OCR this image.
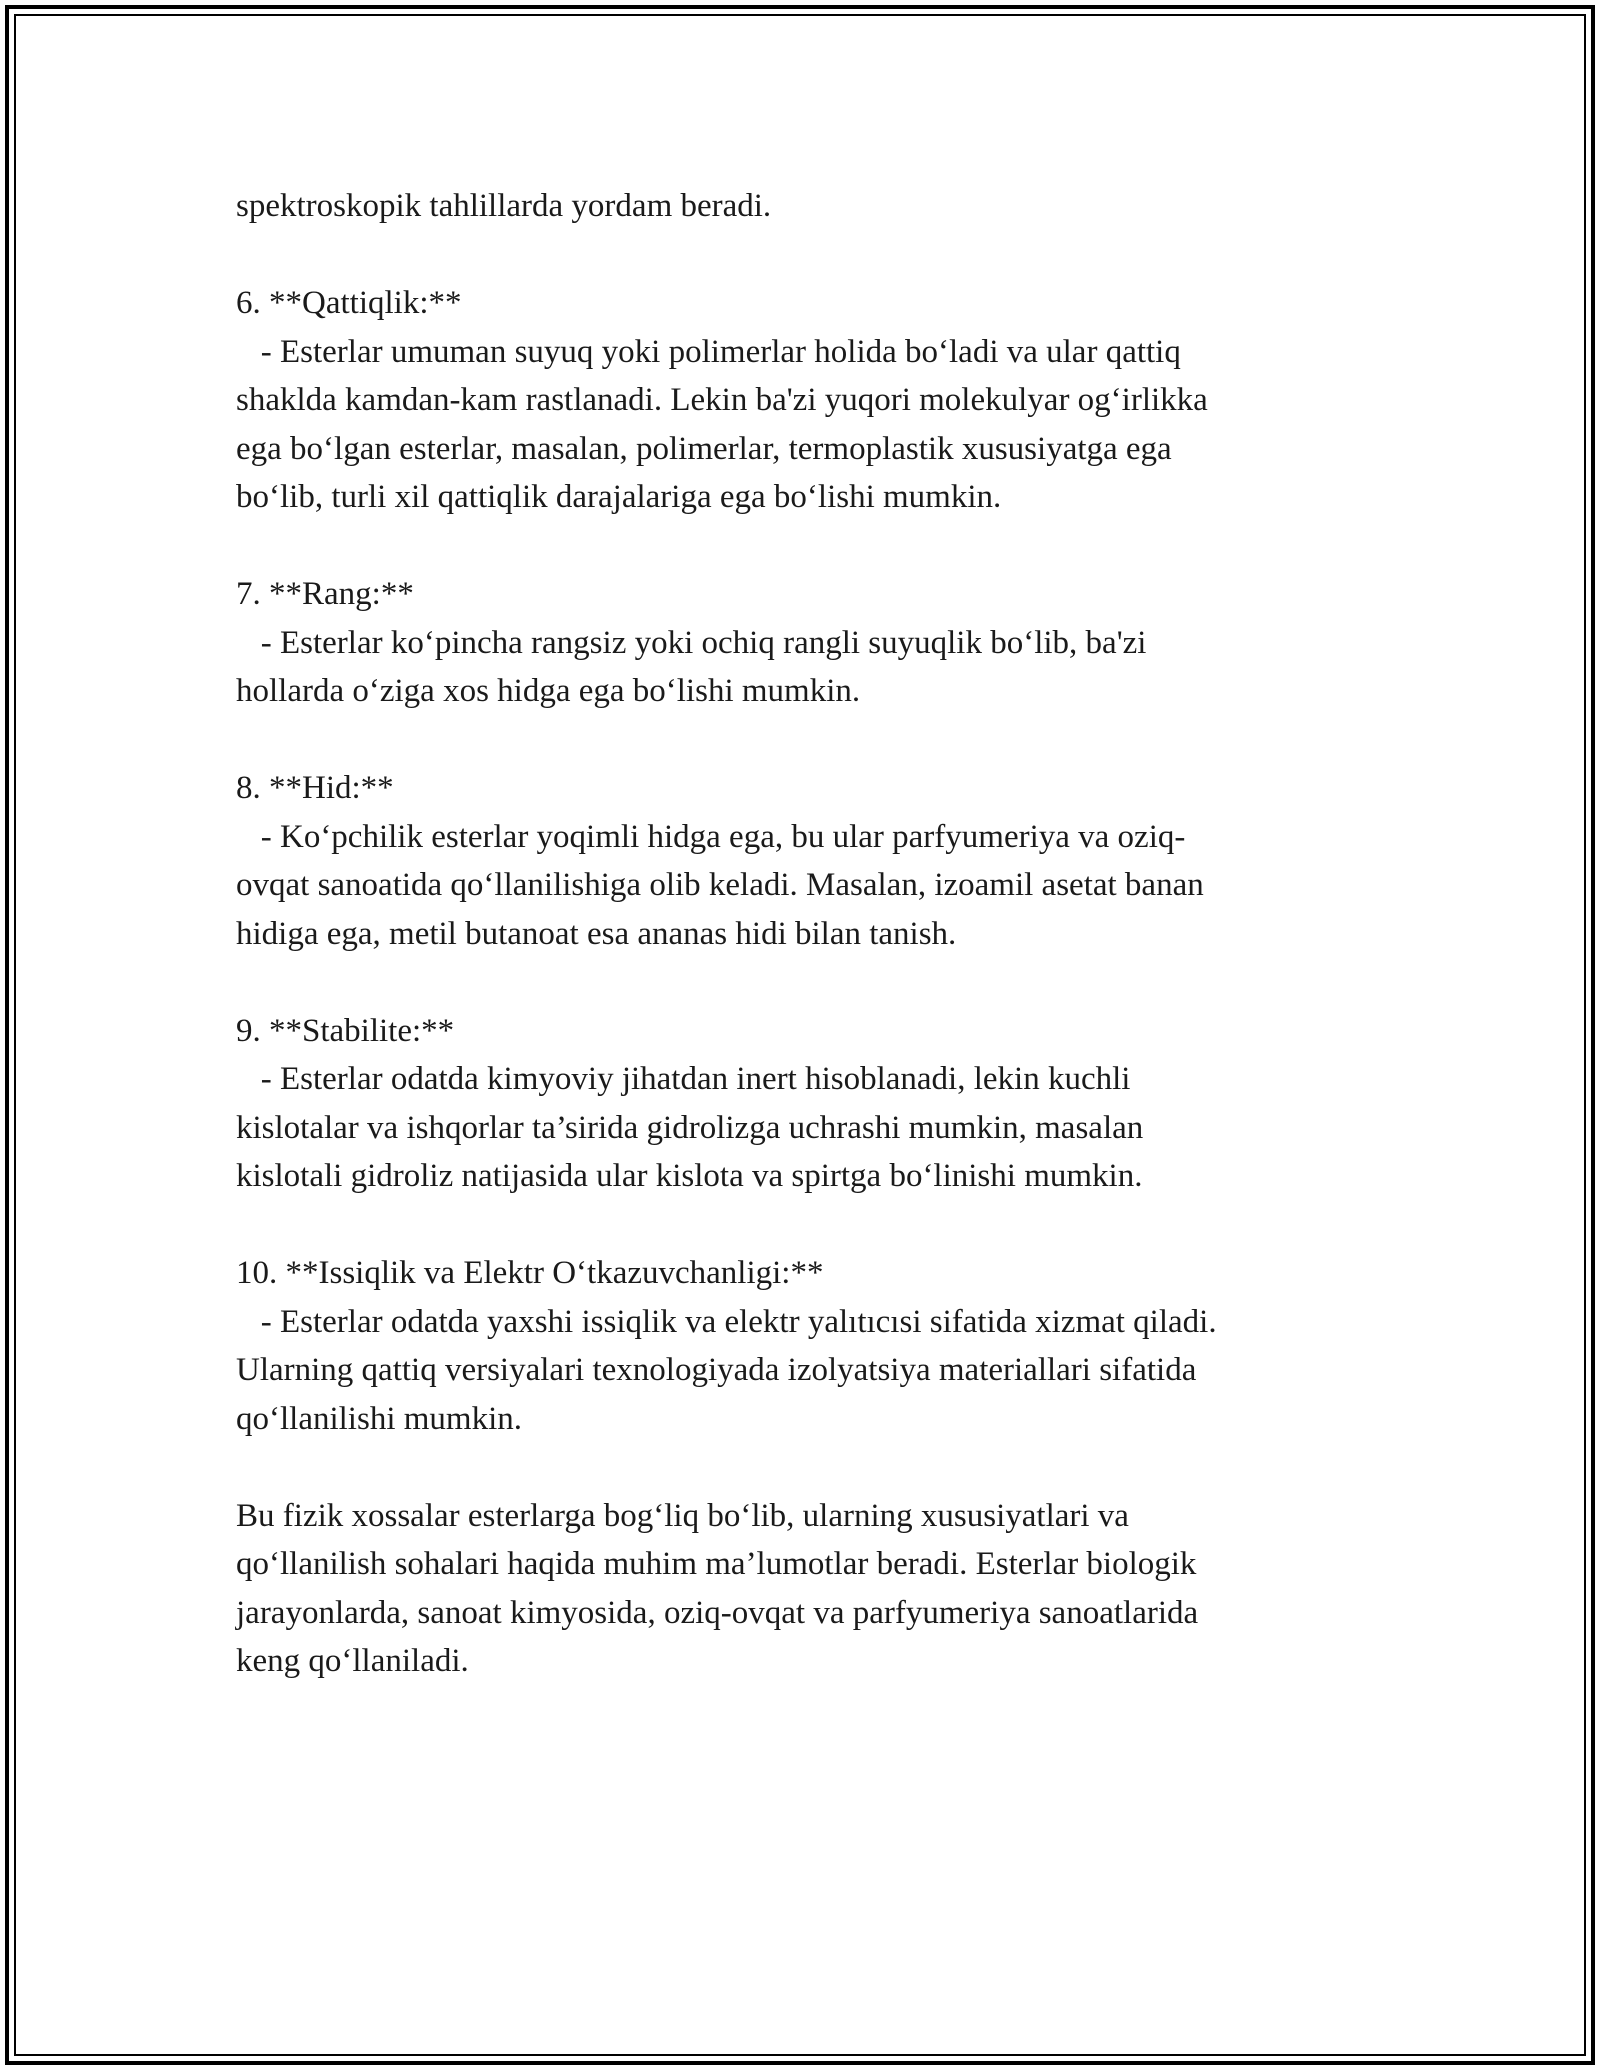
spektroskopik tahlillarda yordam beradi.
6. **Qattiqlik:**
- Esterlar umuman suyuq yoki polimerlar holida bo‘ladi va ular qattiq
shaklda kamdan-kam rastlanadi. Lekin ba'zi yuqori molekulyar og‘irlikka
ega bo‘lgan esterlar, masalan, polimerlar, termoplastik xususiyatga ega
bo‘lib, turli xil qattiqlik darajalariga ega bo‘lishi mumkin.
7. **Rang:**
- Esterlar ko‘pincha rangsiz yoki ochiq rangli suyuqlik bo‘lib, ba'zi
hollarda o‘ziga xos hidga ega bo‘lishi mumkin.
8. **Hid:**
- Ko‘pchilik esterlar yoqimli hidga ega, bu ular parfyumeriya va oziq-
ovqat sanoatida qo‘llanilishiga olib keladi. Masalan, izoamil asetat banan
hidiga ega, metil butanoat esa ananas hidi bilan tanish.
9. **Stabilite:**
- Esterlar odatda kimyoviy jihatdan inert hisoblanadi, lekin kuchli
kislotalar va ishqorlar ta’sirida gidrolizga uchrashi mumkin, masalan
kislotali gidroliz natijasida ular kislota va spirtga bo‘linishi mumkin.
10. **Issiqlik va Elektr O‘tkazuvchanligi:**
- Esterlar odatda yaxshi issiqlik va elektr yalıtıcısi sifatida xizmat qiladi.
Ularning qattiq versiyalari texnologiyada izolyatsiya materiallari sifatida
qo‘llanilishi mumkin.
Bu fizik xossalar esterlarga bog‘liq bo‘lib, ularning xususiyatlari va
qo‘llanilish sohalari haqida muhim ma’lumotlar beradi. Esterlar biologik
jarayonlarda, sanoat kimyosida, oziq-ovqat va parfyumeriya sanoatlarida
keng qo‘llaniladi.
